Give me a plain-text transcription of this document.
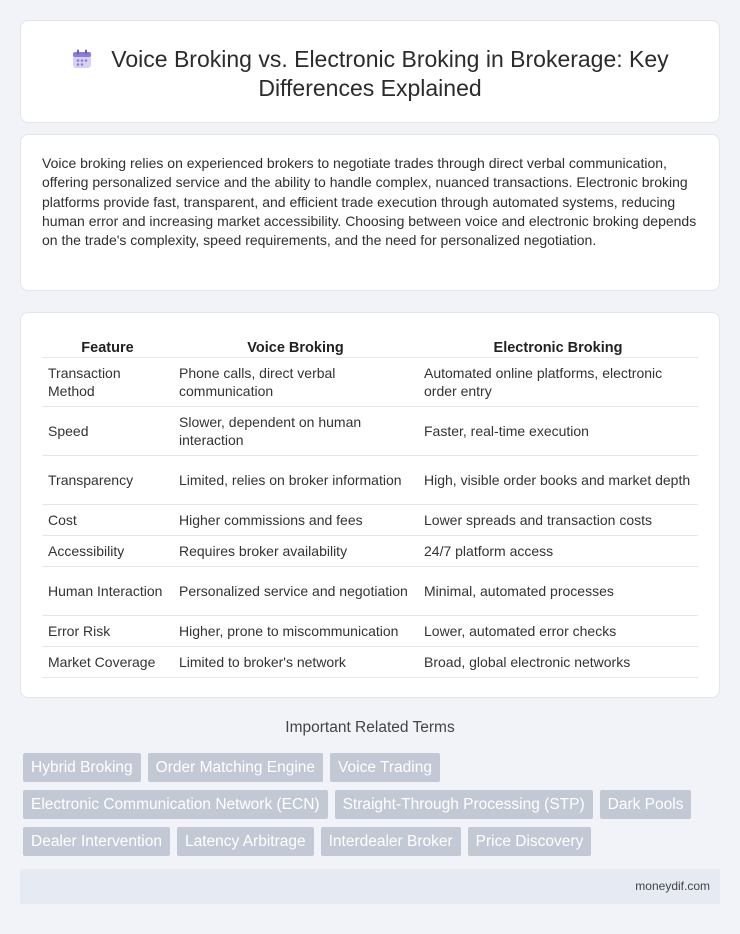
Voice Broking vs. Electronic Broking in Brokerage: Key Differences Explained

Voice broking relies on experienced brokers to negotiate trades through direct verbal communication, offering personalized service and the ability to handle complex, nuanced transactions. Electronic broking platforms provide fast, transparent, and efficient trade execution through automated systems, reducing human error and increasing market accessibility. Choosing between voice and electronic broking depends on the trade's complexity, speed requirements, and the need for personalized negotiation.

Feature	Voice Broking	Electronic Broking
Transaction Method	Phone calls, direct verbal communication	Automated online platforms, electronic order entry
Speed	Slower, dependent on human interaction	Faster, real-time execution
Transparency	Limited, relies on broker information	High, visible order books and market depth
Cost	Higher commissions and fees	Lower spreads and transaction costs
Accessibility	Requires broker availability	24/7 platform access
Human Interaction	Personalized service and negotiation	Minimal, automated processes
Error Risk	Higher, prone to miscommunication	Lower, automated error checks
Market Coverage	Limited to broker's network	Broad, global electronic networks
Important Related Terms
Hybrid Broking	Order Matching Engine	Voice Trading
Electronic Communication Network (ECN)	Straight-Through Processing (STP)	Dark Pools
Dealer Intervention	Latency Arbitrage	Interdealer Broker	Price Discovery
moneydif.com
